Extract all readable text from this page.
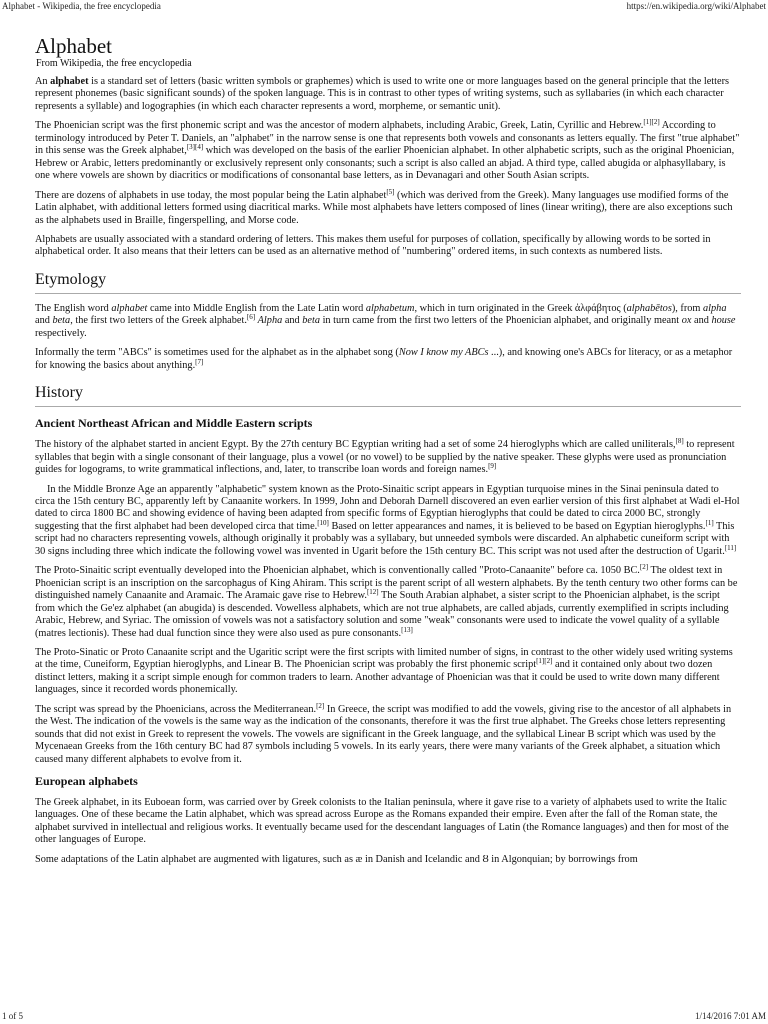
Alphabet - Wikipedia, the free encyclopedia	https://en.wikipedia.org/wiki/Alphabet
Alphabet
From Wikipedia, the free encyclopedia

An alphabet is a standard set of letters (basic written symbols or graphemes) which is used to write one or more languages based on the general principle that the letters represent phonemes (basic significant sounds) of the spoken language. This is in contrast to other types of writing systems, such as syllabaries (in which each character represents a syllable) and logographies (in which each character represents a word, morpheme, or semantic unit).

The Phoenician script was the first phonemic script and was the ancestor of modern alphabets, including Arabic, Greek, Latin, Cyrillic and Hebrew.[1][2] According to terminology introduced by Peter T. Daniels, an "alphabet" in the narrow sense is one that represents both vowels and consonants as letters equally. The first "true alphabet" in this sense was the Greek alphabet,[3][4] which was developed on the basis of the earlier Phoenician alphabet. In other alphabetic scripts, such as the original Phoenician, Hebrew or Arabic, letters predominantly or exclusively represent only consonants; such a script is also called an abjad. A third type, called abugida or alphasyllabary, is one where vowels are shown by diacritics or modifications of consonantal base letters, as in Devanagari and other South Asian scripts.

There are dozens of alphabets in use today, the most popular being the Latin alphabet[5] (which was derived from the Greek). Many languages use modified forms of the Latin alphabet, with additional letters formed using diacritical marks. While most alphabets have letters composed of lines (linear writing), there are also exceptions such as the alphabets used in Braille, fingerspelling, and Morse code.

Alphabets are usually associated with a standard ordering of letters. This makes them useful for purposes of collation, specifically by allowing words to be sorted in alphabetical order. It also means that their letters can be used as an alternative method of "numbering" ordered items, in such contexts as numbered lists.

Etymology

The English word alphabet came into Middle English from the Late Latin word alphabetum, which in turn originated in the Greek ἀλφάβητος (alphabētos), from alpha and beta, the first two letters of the Greek alphabet.[6] Alpha and beta in turn came from the first two letters of the Phoenician alphabet, and originally meant ox and house respectively.

Informally the term "ABCs" is sometimes used for the alphabet as in the alphabet song (Now I know my ABCs ...), and knowing one's ABCs for literacy, or as a metaphor for knowing the basics about anything.[7]

History
Ancient Northeast African and Middle Eastern scripts

The history of the alphabet started in ancient Egypt. By the 27th century BC Egyptian writing had a set of some 24 hieroglyphs which are called uniliterals,[8] to represent syllables that begin with a single consonant of their language, plus a vowel (or no vowel) to be supplied by the native speaker. These glyphs were used as pronunciation guides for logograms, to write grammatical inflections, and, later, to transcribe loan words and foreign names.[9]

In the Middle Bronze Age an apparently "alphabetic" system known as the Proto-Sinaitic script appears in Egyptian turquoise mines in the Sinai peninsula dated to circa the 15th century BC, apparently left by Canaanite workers. In 1999, John and Deborah Darnell discovered an even earlier version of this first alphabet at Wadi el-Hol dated to circa 1800 BC and showing evidence of having been adapted from specific forms of Egyptian hieroglyphs that could be dated to circa 2000 BC, strongly suggesting that the first alphabet had been developed circa that time.[10] Based on letter appearances and names, it is believed to be based on Egyptian hieroglyphs.[1] This script had no characters representing vowels, although originally it probably was a syllabary, but unneeded symbols were discarded. An alphabetic cuneiform script with 30 signs including three which indicate the following vowel was invented in Ugarit before the 15th century BC. This script was not used after the destruction of Ugarit.[11]

The Proto-Sinaitic script eventually developed into the Phoenician alphabet, which is conventionally called "Proto-Canaanite" before ca. 1050 BC.[2] The oldest text in Phoenician script is an inscription on the sarcophagus of King Ahiram. This script is the parent script of all western alphabets. By the tenth century two other forms can be distinguished namely Canaanite and Aramaic. The Aramaic gave rise to Hebrew.[12] The South Arabian alphabet, a sister script to the Phoenician alphabet, is the script from which the Ge'ez alphabet (an abugida) is descended. Vowelless alphabets, which are not true alphabets, are called abjads, currently exemplified in scripts including Arabic, Hebrew, and Syriac. The omission of vowels was not a satisfactory solution and some "weak" consonants were used to indicate the vowel quality of a syllable (matres lectionis). These had dual function since they were also used as pure consonants.[13]

The Proto-Sinatic or Proto Canaanite script and the Ugaritic script were the first scripts with limited number of signs, in contrast to the other widely used writing systems at the time, Cuneiform, Egyptian hieroglyphs, and Linear B. The Phoenician script was probably the first phonemic script[1][2] and it contained only about two dozen distinct letters, making it a script simple enough for common traders to learn. Another advantage of Phoenician was that it could be used to write down many different languages, since it recorded words phonemically.

The script was spread by the Phoenicians, across the Mediterranean.[2] In Greece, the script was modified to add the vowels, giving rise to the ancestor of all alphabets in the West. The indication of the vowels is the same way as the indication of the consonants, therefore it was the first true alphabet. The Greeks chose letters representing sounds that did not exist in Greek to represent the vowels. The vowels are significant in the Greek language, and the syllabical Linear B script which was used by the Mycenaean Greeks from the 16th century BC had 87 symbols including 5 vowels. In its early years, there were many variants of the Greek alphabet, a situation which caused many different alphabets to evolve from it.

European alphabets

The Greek alphabet, in its Euboean form, was carried over by Greek colonists to the Italian peninsula, where it gave rise to a variety of alphabets used to write the Italic languages. One of these became the Latin alphabet, which was spread across Europe as the Romans expanded their empire. Even after the fall of the Roman state, the alphabet survived in intellectual and religious works. It eventually became used for the descendant languages of Latin (the Romance languages) and then for most of the other languages of Europe.

Some adaptations of the Latin alphabet are augmented with ligatures, such as æ in Danish and Icelandic and Ȣ in Algonquian; by borrowings from

1 of 5	1/14/2016 7:01 AM
